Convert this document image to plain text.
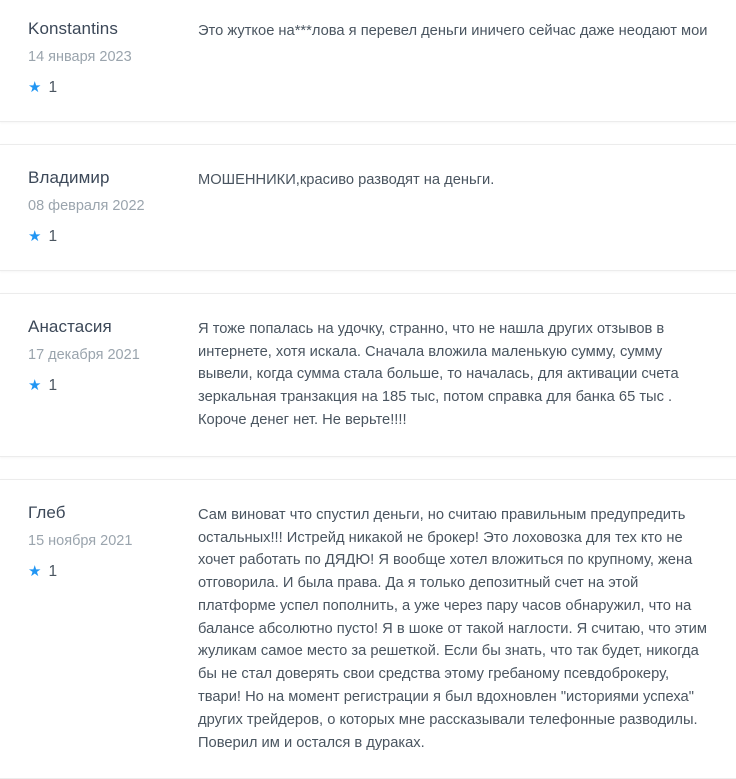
Konstantins
14 января 2023
★ 1
Это жуткое на***лова я перевел деньги иничего сейчас даже неодают мои
Владимир
08 февраля 2022
★ 1
МОШЕННИКИ,красиво разводят на деньги.
Анастасия
17 декабря 2021
★ 1
Я тоже попалась на удочку, странно, что не нашла других отзывов в интернете, хотя искала. Сначала вложила маленькую сумму, сумму вывели, когда сумма стала больше, то началась, для активации счета зеркальная транзакция на 185 тыс, потом справка для банка 65 тыс . Короче денег нет. Не верьте!!!!
Глеб
15 ноября 2021
★ 1
Сам виноват что спустил деньги, но считаю правильным предупредить остальных!!! Истрейд никакой не брокер! Это лоховозка для тех кто не хочет работать по ДЯДЮ! Я вообще хотел вложиться по крупному, жена отговорила. И была права. Да я только депозитный счет на этой платформе успел пополнить, а уже через пару часов обнаружил, что на балансе абсолютно пусто! Я в шоке от такой наглости. Я считаю, что этим жуликам самое место за решеткой. Если бы знать, что так будет, никогда бы не стал доверять свои средства этому гребаному псевдоброкеру, твари! Но на момент регистрации я был вдохновлен "историями успеха" других трейдеров, о которых мне рассказывали телефонные разводилы. Поверил им и остался в дураках.
